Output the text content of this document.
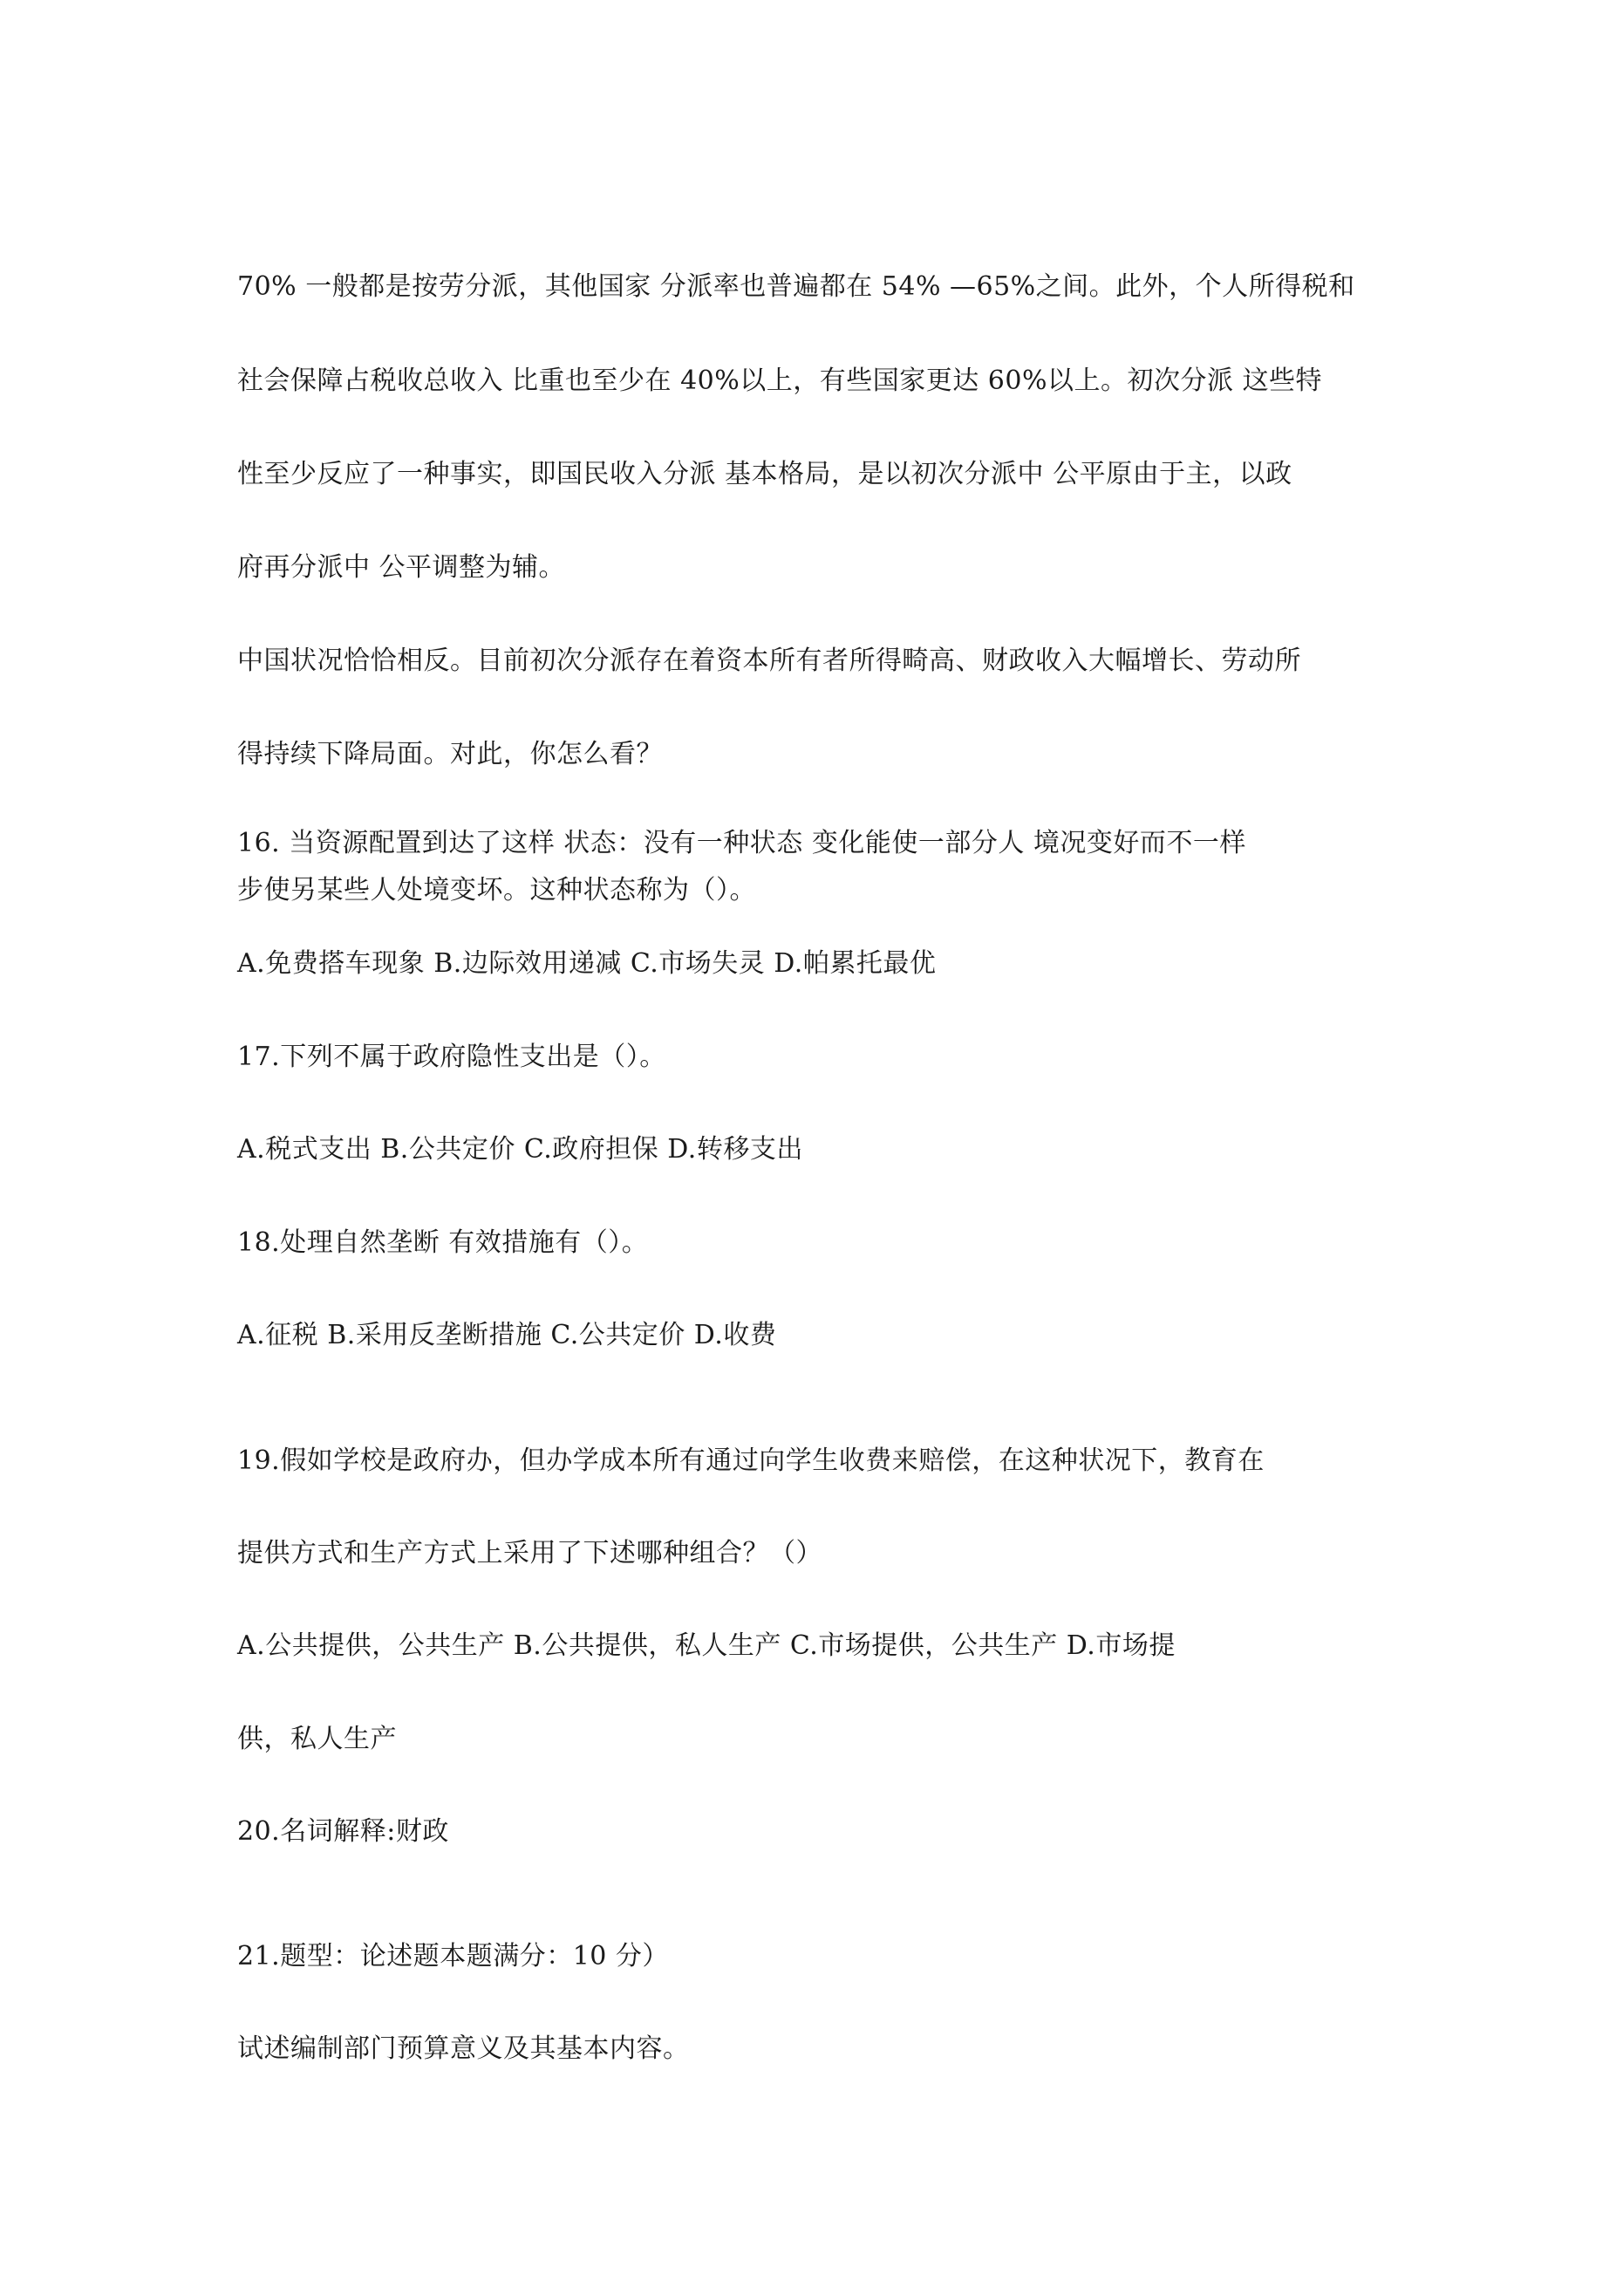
70% 一般都是按劳分派，其他国家 分派率也普遍都在 54% —65%之间。此外，个人所得税和
社会保障占税收总收入 比重也至少在 40%以上，有些国家更达 60%以上。初次分派 这些特
性至少反应了一种事实，即国民收入分派 基本格局，是以初次分派中 公平原由于主，以政
府再分派中 公平调整为辅。
中国状况恰恰相反。目前初次分派存在着资本所有者所得畸高、财政收入大幅增长、劳动所
得持续下降局面。对此，你怎么看？
16. 当资源配置到达了这样 状态：没有一种状态 变化能使一部分人 境况变好而不一样
步使另某些人处境变坏。这种状态称为（）。
A.免费搭车现象 B.边际效用递减 C.市场失灵 D.帕累托最优
17.下列不属于政府隐性支出是（）。
A.税式支出 B.公共定价 C.政府担保 D.转移支出
18.处理自然垄断 有效措施有（）。
A.征税 B.采用反垄断措施 C.公共定价 D.收费
19.假如学校是政府办，但办学成本所有通过向学生收费来赔偿，在这种状况下，教育在
提供方式和生产方式上采用了下述哪种组合？（）
A.公共提供，公共生产 B.公共提供，私人生产 C.市场提供，公共生产 D.市场提
供，私人生产
20.名词解释:财政
21.题型：论述题本题满分：10 分）
试述编制部门预算意义及其基本内容。
